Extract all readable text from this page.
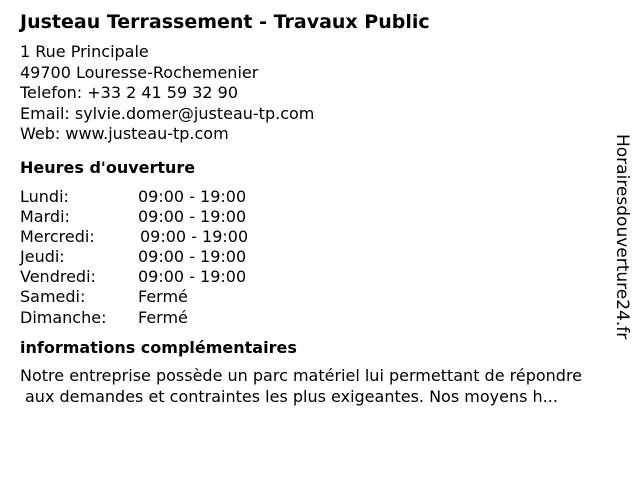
Justeau Terrassement - Travaux Public
1 Rue Principale
49700 Louresse-Rochemenier
Telefon: +33 2 41 59 32 90
Email: sylvie.domer@justeau-tp.com
Web: www.justeau-tp.com
Heures d'ouverture
Lundi:	09:00 - 19:00
Mardi:	09:00 - 19:00
Mercredi:	09:00 - 19:00
Jeudi:	09:00 - 19:00
Vendredi:	09:00 - 19:00
Samedi:	Fermé
Dimanche: Fermé
informations complémentaires
Notre entreprise possède un parc matériel lui permettant de répondre
aux demandes et contraintes les plus exigeantes. Nos moyens h...
Horairesdouverture24.fr
